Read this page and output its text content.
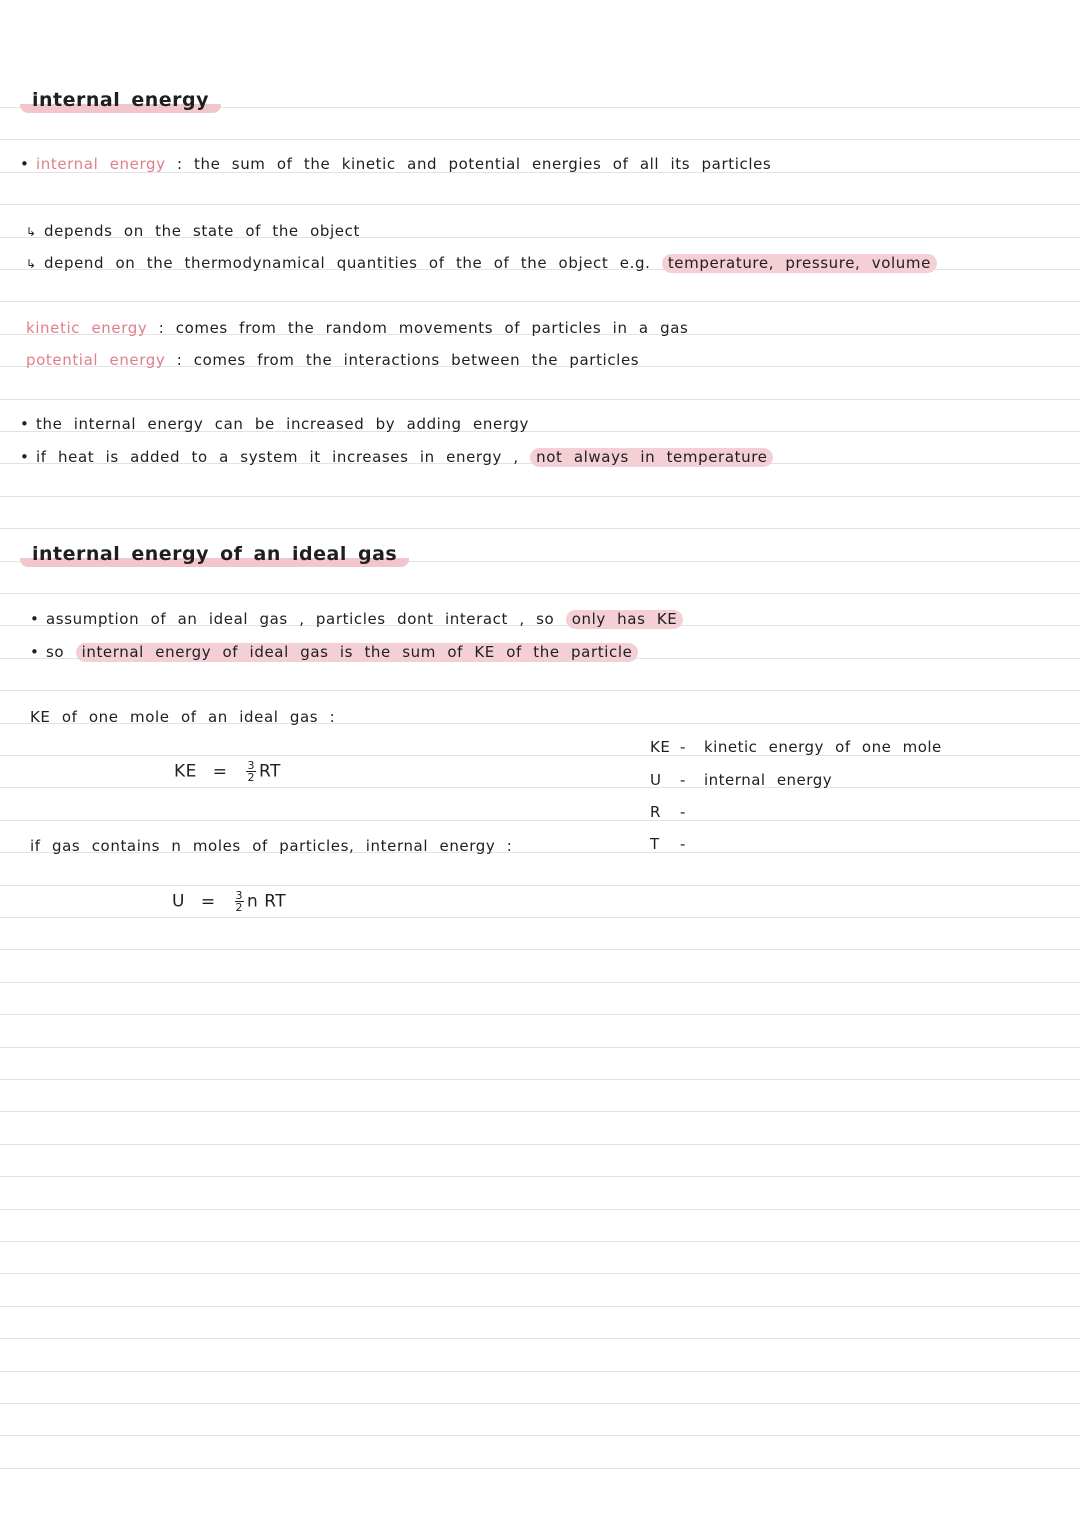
internal energy
• internal energy : the sum of the kinetic and potential energies of all its particles
↳ depends on the state of the object
↳ depend on the thermodynamical quantities of the of the object e.g. temperature, pressure, volume
kinetic energy : comes from the random movements of particles in a gas
potential energy : comes from the interactions between the particles
• the internal energy can be increased by adding energy
• if heat is added to a system it increases in energy , not always in temperature
internal energy of an ideal gas
• assumption of an ideal gas , particles dont interact , so only has KE
• so internal energy of ideal gas is the sum of KE of the particle
KE of one mole of an ideal gas :
KE = $\frac{3}{2}$ RT
if gas contains n moles of particles, internal energy :
$U = \frac{3}{2}$ n RT
KE - kinetic energy of one mole
U - internal energy
R -
T -
